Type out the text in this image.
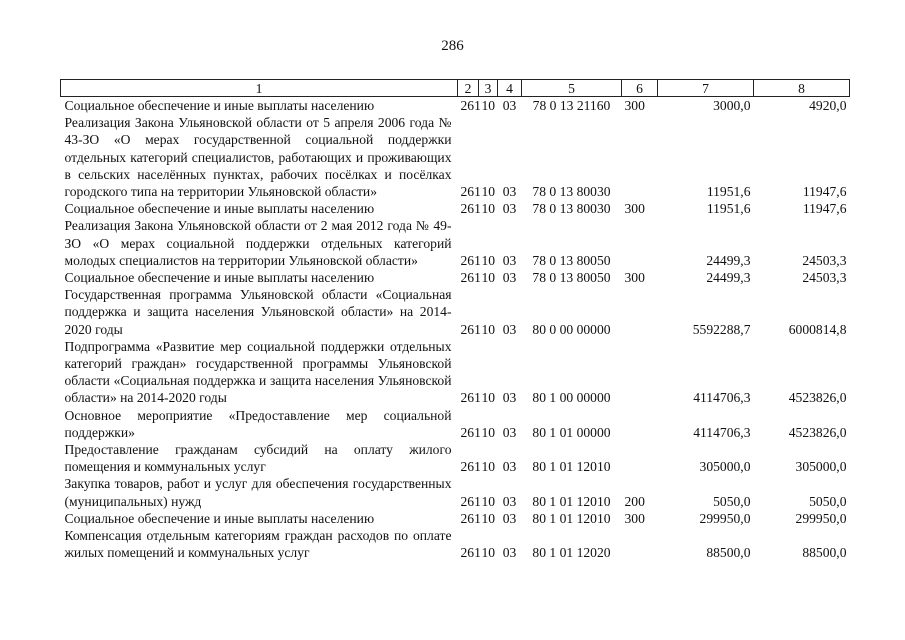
286
1	2	3	4	5	6	7	8
Социальное обеспечение и иные выплаты населению	261	10	03	78 0 13 21160	300	3000,0	4920,0
Реализация Закона Ульяновской области от 5 апреля 2006 года № 43-ЗО «О мерах государственной социальной поддержки отдельных категорий специалистов, работающих и проживающих в сельских населённых пунктах, рабочих посёлках и посёлках городского типа на территории Ульяновской области»	261	10	03	78 0 13 80030		11951,6	11947,6
Социальное обеспечение и иные выплаты населению	261	10	03	78 0 13 80030	300	11951,6	11947,6
Реализация Закона Ульяновской области от 2 мая 2012 года № 49-ЗО «О мерах социальной поддержки отдельных категорий молодых специалистов на территории Ульяновской области»	261	10	03	78 0 13 80050		24499,3	24503,3
Социальное обеспечение и иные выплаты населению	261	10	03	78 0 13 80050	300	24499,3	24503,3
Государственная программа Ульяновской области «Социальная поддержка и защита населения Ульяновской области» на 2014-2020 годы	261	10	03	80 0 00 00000		5592288,7	6000814,8
Подпрограмма «Развитие мер социальной поддержки отдельных категорий граждан» государственной программы Ульяновской области «Социальная поддержка и защита населения Ульяновской области» на 2014-2020 годы	261	10	03	80 1 00 00000		4114706,3	4523826,0
Основное мероприятие «Предоставление мер социальной поддержки»	261	10	03	80 1 01 00000		4114706,3	4523826,0
Предоставление гражданам субсидий на оплату жилого помещения и коммунальных услуг	261	10	03	80 1 01 12010		305000,0	305000,0
Закупка товаров, работ и услуг для обеспечения государственных (муниципальных) нужд	261	10	03	80 1 01 12010	200	5050,0	5050,0
Социальное обеспечение и иные выплаты населению	261	10	03	80 1 01 12010	300	299950,0	299950,0
Компенсация отдельным категориям граждан расходов по оплате жилых помещений и коммунальных услуг	261	10	03	80 1 01 12020		88500,0	88500,0
